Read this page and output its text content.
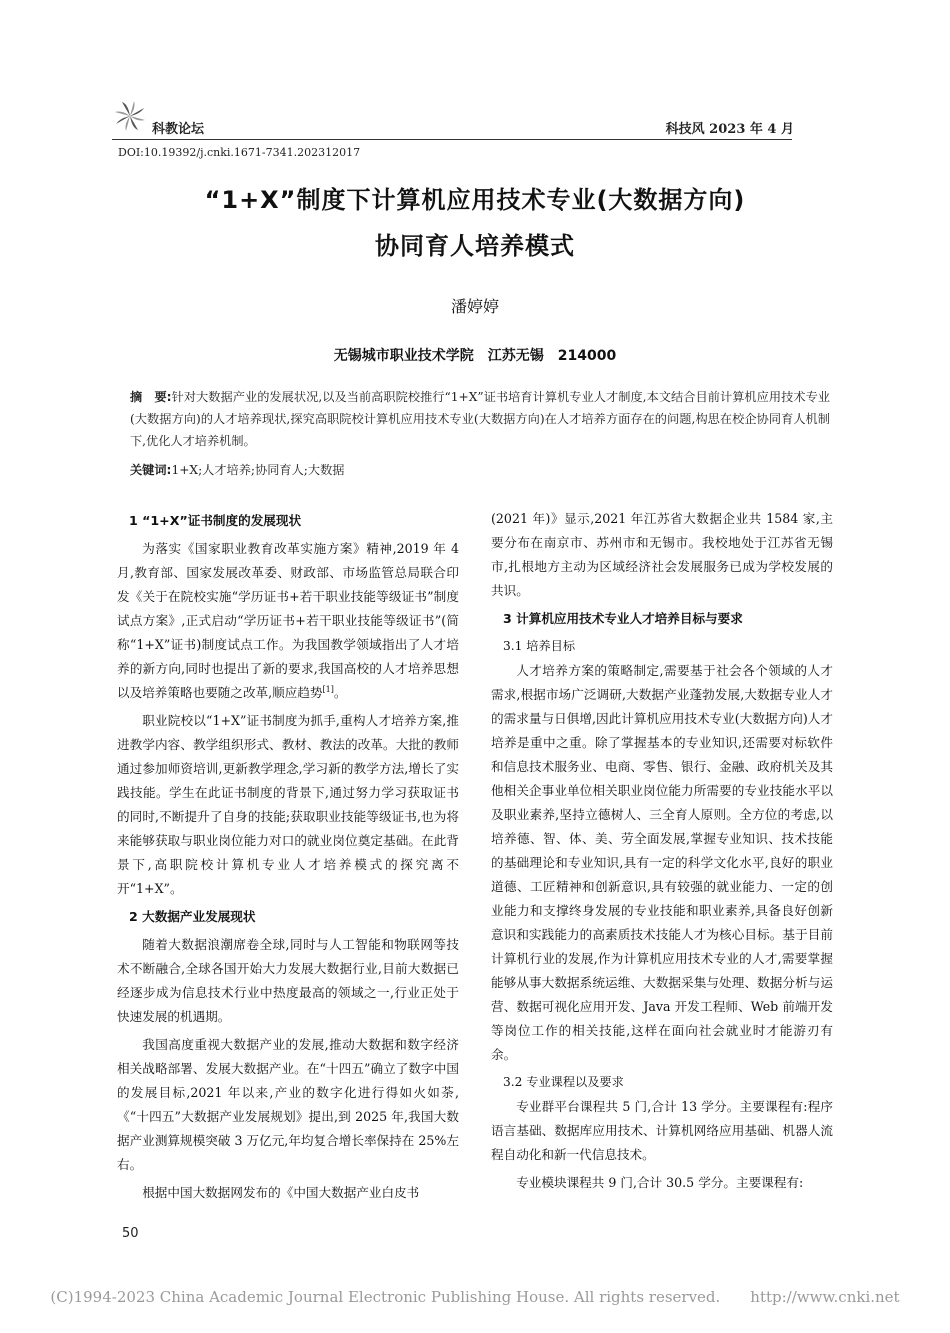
科教论坛	科技风 2023 年 4 月
DOI:10.19392/j.cnki.1671-7341.202312017
“1+X”制度下计算机应用技术专业(大数据方向)
协同育人培养模式
潘婷婷
无锡城市职业技术学院　江苏无锡　214000
摘　要:针对大数据产业的发展状况,以及当前高职院校推行“1+X”证书培育计算机专业人才制度,本文结合目前计算机应用技术专业(大数据方向)的人才培养现状,探究高职院校计算机应用技术专业(大数据方向)在人才培养方面存在的问题,构思在校企协同育人机制下,优化人才培养机制。
关键词:1+X;人才培养;协同育人;大数据
1 “1+X”证书制度的发展现状

为落实《国家职业教育改革实施方案》精神,2019 年 4 月,教育部、国家发展改革委、财政部、市场监管总局联合印发《关于在院校实施“学历证书+若干职业技能等级证书”制度试点方案》,正式启动“学历证书+若干职业技能等级证书”(简称“1+X”证书)制度试点工作。为我国教学领域指出了人才培养的新方向,同时也提出了新的要求,我国高校的人才培养思想以及培养策略也要随之改革,顺应趋势[1]。

职业院校以“1+X”证书制度为抓手,重构人才培养方案,推进教学内容、教学组织形式、教材、教法的改革。大批的教师通过参加师资培训,更新教学理念,学习新的教学方法,增长了实践技能。学生在此证书制度的背景下,通过努力学习获取证书的同时,不断提升了自身的技能;获取职业技能等级证书,也为将来能够获取与职业岗位能力对口的就业岗位奠定基础。在此背景下,高职院校计算机专业人才培养模式的探究离不开“1+X”。

2 大数据产业发展现状

随着大数据浪潮席卷全球,同时与人工智能和物联网等技术不断融合,全球各国开始大力发展大数据行业,目前大数据已经逐步成为信息技术行业中热度最高的领域之一,行业正处于快速发展的机遇期。

我国高度重视大数据产业的发展,推动大数据和数字经济相关战略部署、发展大数据产业。在“十四五”确立了数字中国的发展目标,2021 年以来,产业的数字化进行得如火如荼,《“十四五”大数据产业发展规划》提出,到 2025 年,我国大数据产业测算规模突破 3 万亿元,年均复合增长率保持在 25%左右。

根据中国大数据网发布的《中国大数据产业白皮书

(2021 年)》显示,2021 年江苏省大数据企业共 1584 家,主要分布在南京市、苏州市和无锡市。我校地处于江苏省无锡市,扎根地方主动为区域经济社会发展服务已成为学校发展的共识。

3 计算机应用技术专业人才培养目标与要求
3.1 培养目标

人才培养方案的策略制定,需要基于社会各个领域的人才需求,根据市场广泛调研,大数据产业蓬勃发展,大数据专业人才的需求量与日俱增,因此计算机应用技术专业(大数据方向)人才培养是重中之重。除了掌握基本的专业知识,还需要对标软件和信息技术服务业、电商、零售、银行、金融、政府机关及其他相关企事业单位相关职业岗位能力所需要的专业技能水平以及职业素养,坚持立德树人、三全育人原则。全方位的考虑,以培养德、智、体、美、劳全面发展,掌握专业知识、技术技能的基础理论和专业知识,具有一定的科学文化水平,良好的职业道德、工匠精神和创新意识,具有较强的就业能力、一定的创业能力和支撑终身发展的专业技能和职业素养,具备良好创新意识和实践能力的高素质技术技能人才为核心目标。基于目前计算机行业的发展,作为计算机应用技术专业的人才,需要掌握能够从事大数据系统运维、大数据采集与处理、数据分析与运营、数据可视化应用开发、Java 开发工程师、Web 前端开发等岗位工作的相关技能,这样在面向社会就业时才能游刃有余。

3.2 专业课程以及要求

专业群平台课程共 5 门,合计 13 学分。主要课程有:程序语言基础、数据库应用技术、计算机网络应用基础、机器人流程自动化和新一代信息技术。

专业模块课程共 9 门,合计 30.5 学分。主要课程有:

50
(C)1994-2023 China Academic Journal Electronic Publishing House. All rights reserved.　　http://www.cnki.net
